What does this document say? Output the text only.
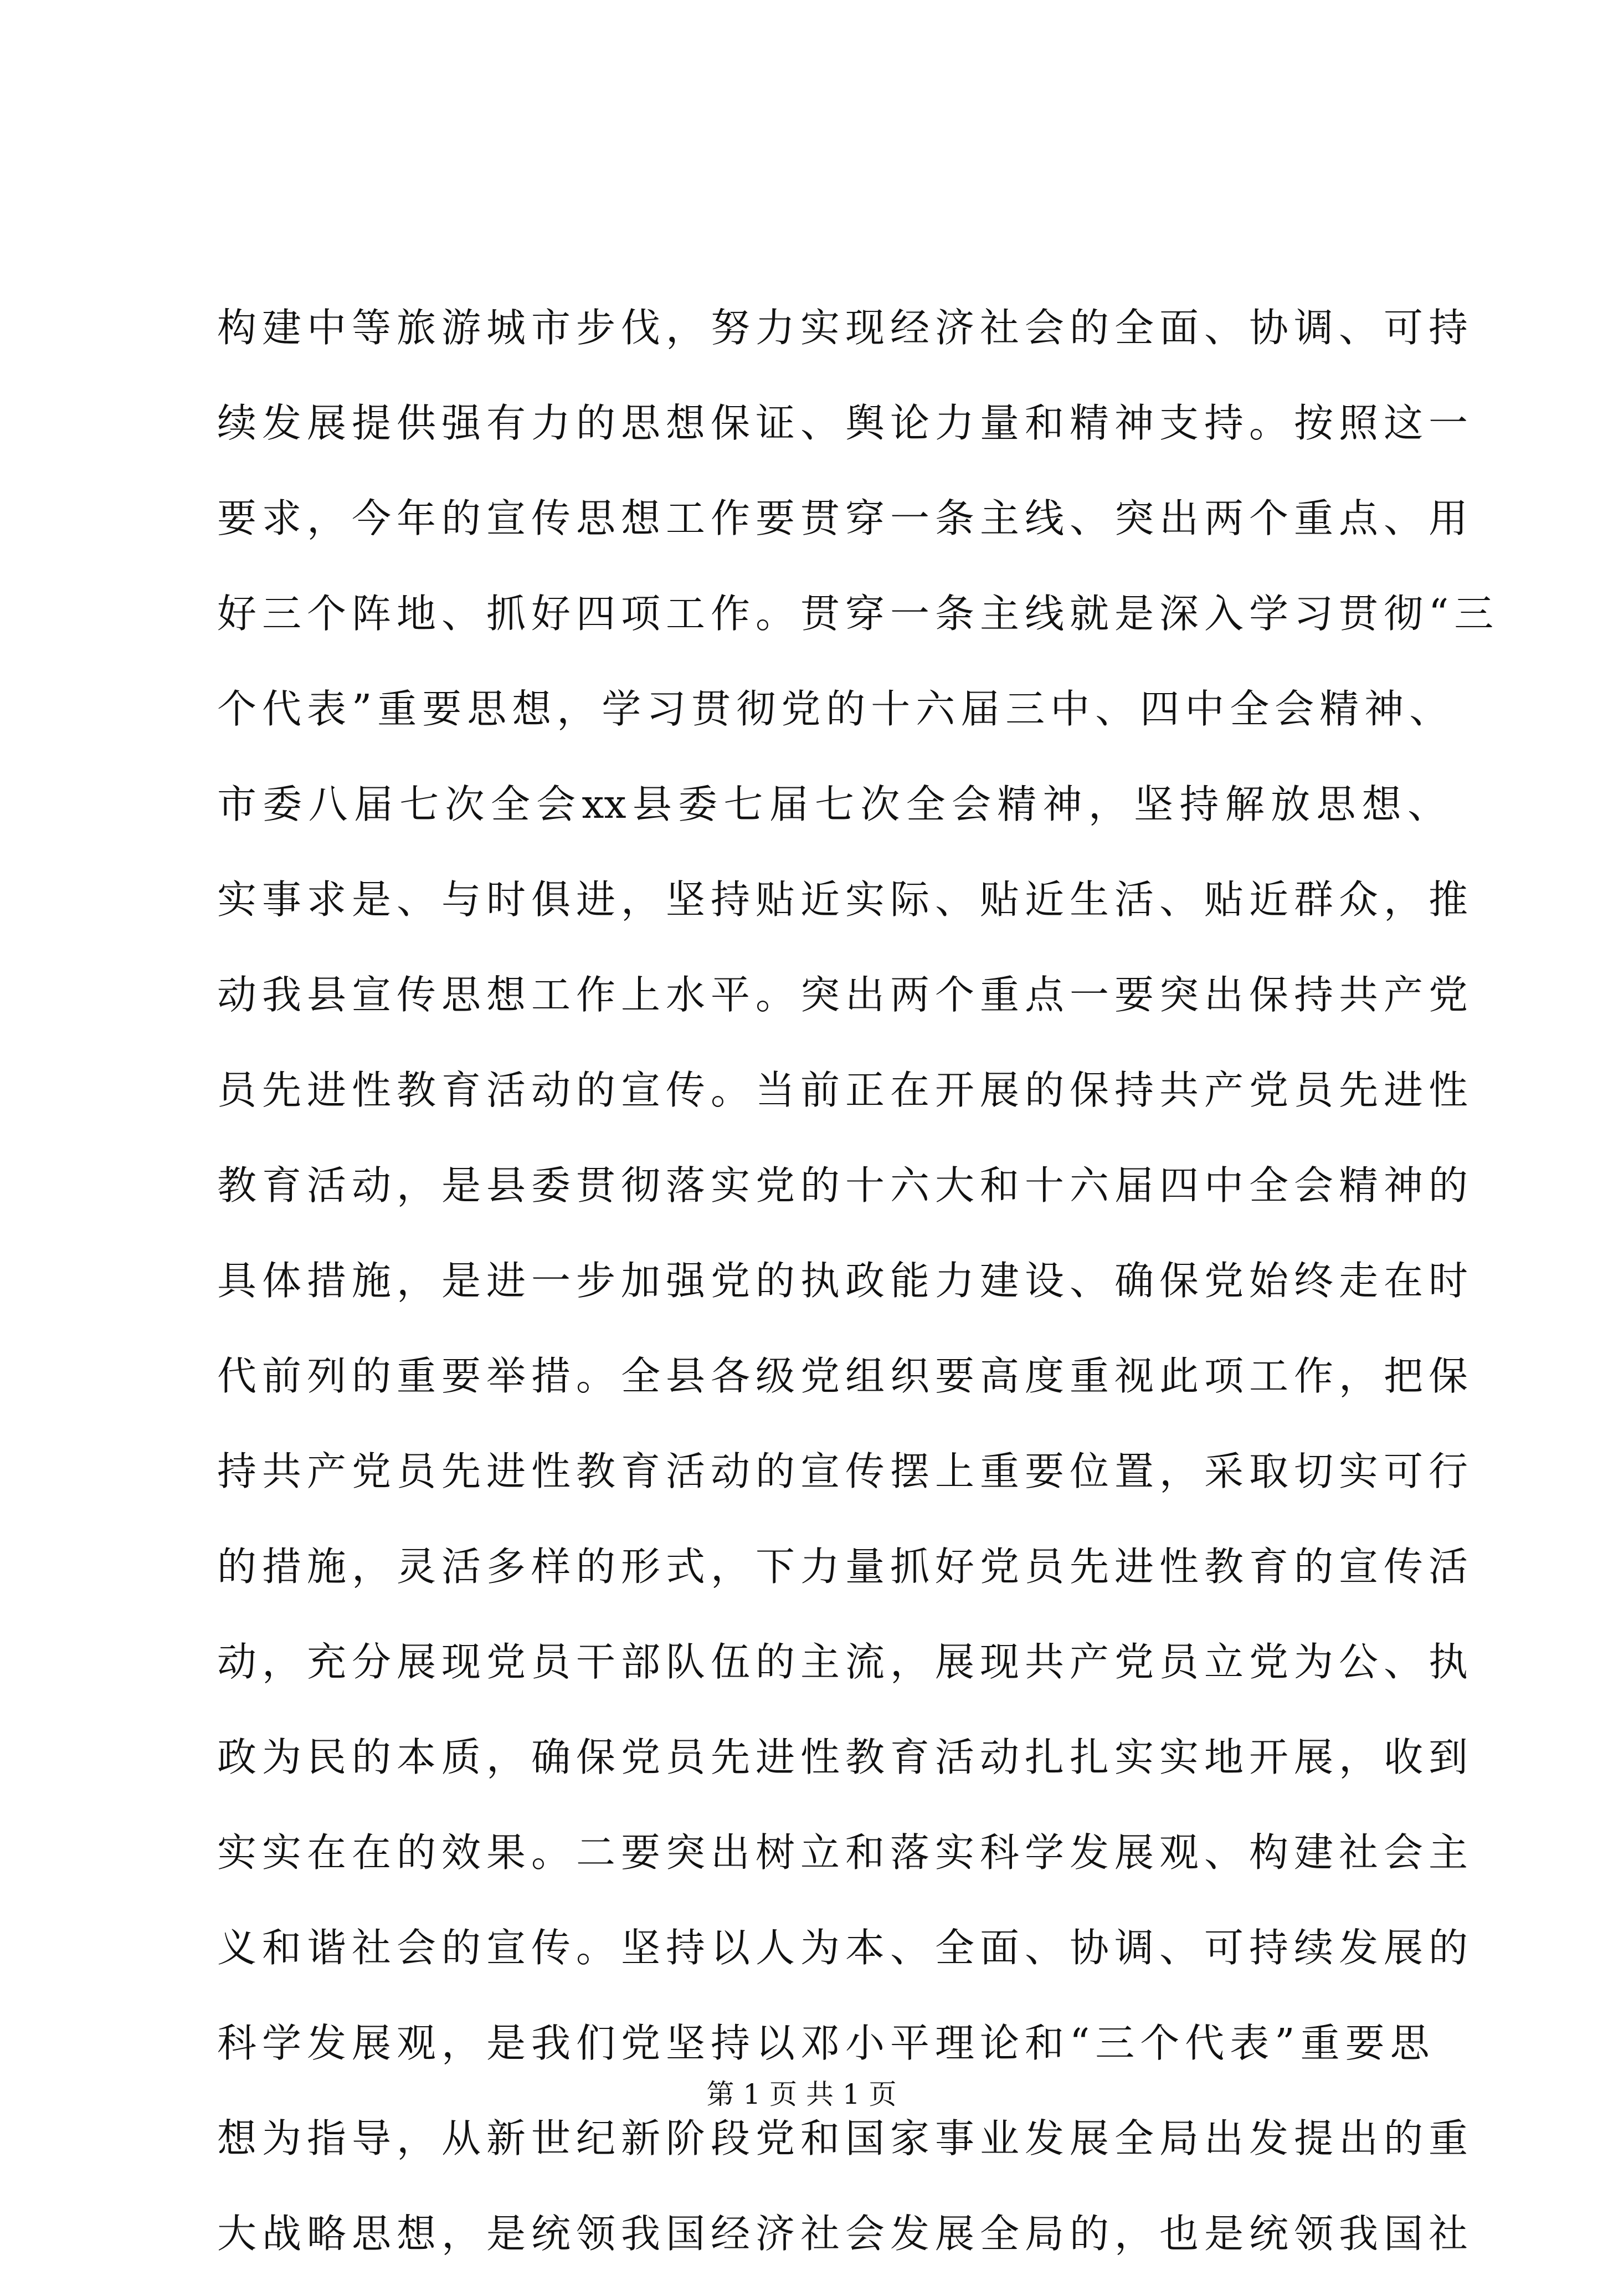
构建中等旅游城市步伐，努力实现经济社会的全面、协调、可持
续发展提供强有力的思想保证、舆论力量和精神支持。按照这一
要求，今年的宣传思想工作要贯穿一条主线、突出两个重点、用
好三个阵地、抓好四项工作。贯穿一条主线就是深入学习贯彻“三
个代表”重要思想，学习贯彻党的十六届三中、四中全会精神、
市委八届七次全会xx县委七届七次全会精神，坚持解放思想、
实事求是、与时俱进，坚持贴近实际、贴近生活、贴近群众，推
动我县宣传思想工作上水平。突出两个重点一要突出保持共产党
员先进性教育活动的宣传。当前正在开展的保持共产党员先进性
教育活动，是县委贯彻落实党的十六大和十六届四中全会精神的
具体措施，是进一步加强党的执政能力建设、确保党始终走在时
代前列的重要举措。全县各级党组织要高度重视此项工作，把保
持共产党员先进性教育活动的宣传摆上重要位置，采取切实可行
的措施，灵活多样的形式，下力量抓好党员先进性教育的宣传活
动，充分展现党员干部队伍的主流，展现共产党员立党为公、执
政为民的本质，确保党员先进性教育活动扎扎实实地开展，收到
实实在在的效果。二要突出树立和落实科学发展观、构建社会主
义和谐社会的宣传。坚持以人为本、全面、协调、可持续发展的
科学发展观，是我们党坚持以邓小平理论和“三个代表”重要思
想为指导，从新世纪新阶段党和国家事业发展全局出发提出的重
大战略思想，是统领我国经济社会发展全局的，也是统领我国社
第 1 页 共 1 页
